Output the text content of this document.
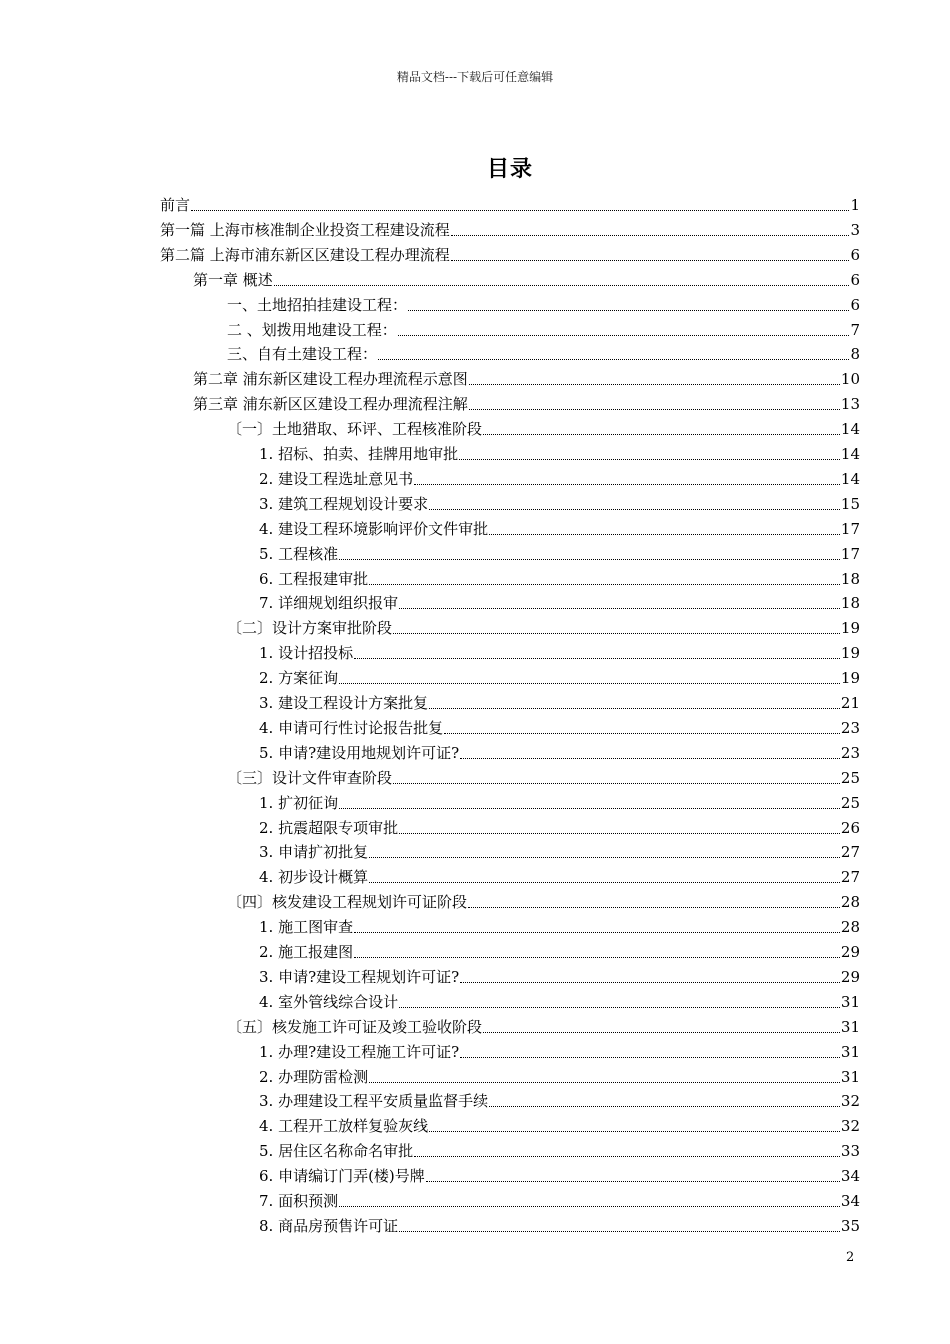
精品文档---下载后可任意编辑
目录
前言	1
第一篇 上海市核准制企业投资工程建设流程	3
第二篇 上海市浦东新区区建设工程办理流程	6
第一章 概述	6
一、土地招拍挂建设工程：	6
二 、划拨用地建设工程：	7
三、自有土建设工程：	8
第二章 浦东新区建设工程办理流程示意图	10
第三章 浦东新区区建设工程办理流程注解	13
〔一〕土地猎取、环评、工程核准阶段	14
1. 招标、拍卖、挂牌用地审批	14
2. 建设工程选址意见书	14
3. 建筑工程规划设计要求	15
4. 建设工程环境影响评价文件审批	17
5. 工程核准	17
6. 工程报建审批	18
7. 详细规划组织报审	18
〔二〕设计方案审批阶段	19
1. 设计招投标	19
2. 方案征询	19
3. 建设工程设计方案批复	21
4. 申请可行性讨论报告批复	23
5. 申请?建设用地规划许可证?	23
〔三〕设计文件审查阶段	25
1. 扩初征询	25
2. 抗震超限专项审批	26
3. 申请扩初批复	27
4. 初步设计概算	27
〔四〕核发建设工程规划许可证阶段	28
1. 施工图审查	28
2. 施工报建图	29
3. 申请?建设工程规划许可证?	29
4. 室外管线综合设计	31
〔五〕核发施工许可证及竣工验收阶段	31
1. 办理?建设工程施工许可证?	31
2. 办理防雷检测	31
3. 办理建设工程平安质量监督手续	32
4. 工程开工放样复验灰线	32
5. 居住区名称命名审批	33
6. 申请编订门弄(楼)号牌	34
7. 面积预测	34
8. 商品房预售许可证	35
2
